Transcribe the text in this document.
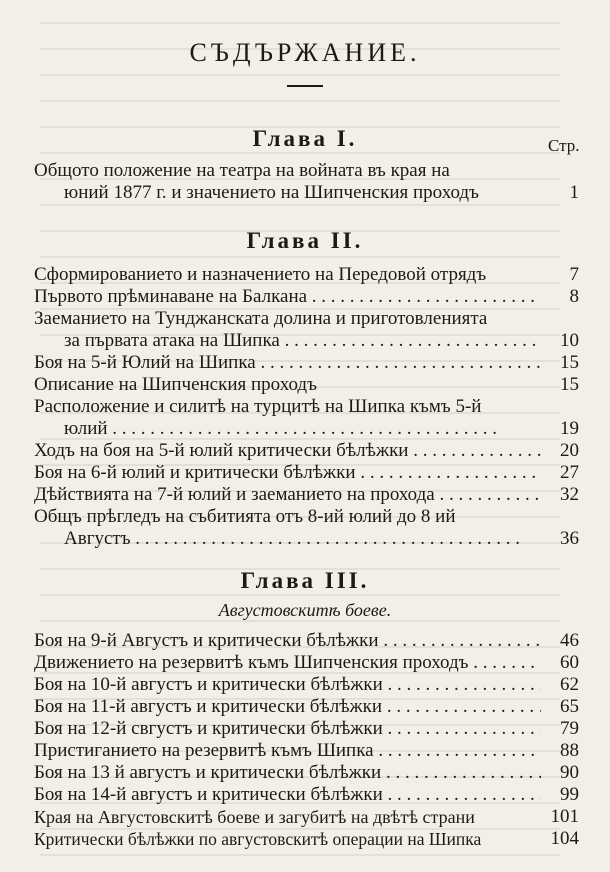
СЪДЪРЖАНИЕ.
Глава I.	Стр.
Общото положение на театра на войната въ края на
юний 1877 г. и значението на Шипченския проходъ	1
Глава II.
Сформированието и назначението на Передовой отрядъ	7
Първото прѣминаване на Балкана . . .	8
Заеманието на Тунджанската долина и приготовленията
за първата атака на Шипка . . .	10
Боя на 5-й Юлий на Шипка . . .	15
Описание на Шипченския проходъ	15
Расположение и силитѣ на турцитѣ на Шипка къмъ 5-й
юлий . . .	19
Ходъ на боя на 5-й юлий критически бѣлѣжки . . .	20
Боя на 6-й юлий и критически бѣлѣжки . . .	27
Дѣйствията на 7-й юлий и заеманието на прохода . . .	32
Общъ прѣгледъ на събитията отъ 8-ий юлий до 8 ий
Августъ . . .	36
Глава III.
Августовскитѣ боеве.
Боя на 9-й Августъ и критически бѣлѣжки . . .	46
Движението на резервитѣ къмъ Шипченския проходъ . . .	60
Боя на 10-й августъ и критически бѣлѣжки . . .	62
Боя на 11-й августъ и критически бѣлѣжки . . .	65
Боя на 12-й свгустъ и критически бѣлѣжки . . .	79
Пристиганието на резервитѣ къмъ Шипка . . .	88
Боя на 13 й августъ и критически бѣлѣжки . . .	90
Боя на 14-й августъ и критически бѣлѣжки . . .	99
Края на Августовскитѣ боеве и загубитѣ на двѣтѣ страни	101
Критически бѣлѣжки по августовскитѣ операции на Шипка	104
